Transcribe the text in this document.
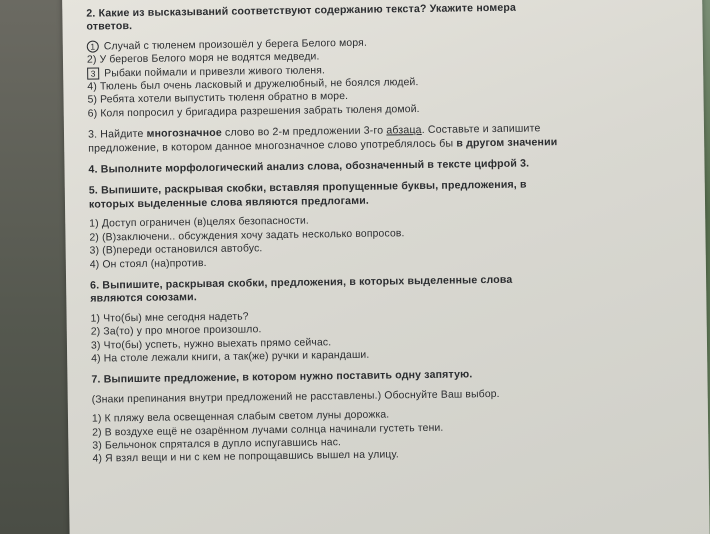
2. Какие из высказываний соответствуют содержанию текста? Укажите номера
ответов.
1 Случай с тюленем произошёл у берега Белого моря.
2) У берегов Белого моря не водятся медведи.
3 Рыбаки поймали и привезли живого тюленя.
4) Тюлень был очень ласковый и дружелюбный, не боялся людей.
5) Ребята хотели выпустить тюленя обратно в море.
6) Коля попросил у бригадира разрешения забрать тюленя домой.
3. Найдите многозначное слово во 2-м предложении 3-го абзаца. Составьте и запишите
предложение, в котором данное многозначное слово употреблялось бы в другом значении
4. Выполните морфологический анализ слова, обозначенный в тексте цифрой 3.
5. Выпишите, раскрывая скобки, вставляя пропущенные буквы, предложения, в
которых выделенные слова являются предлогами.
1) Доступ ограничен (в)целях безопасности.
2) (В)заключени.. обсуждения хочу задать несколько вопросов.
3) (В)переди остановился автобус.
4) Он стоял (на)против.
6. Выпишите, раскрывая скобки, предложения, в которых выделенные слова
являются союзами.
1) Что(бы) мне сегодня надеть?
2) За(то) у про многое произошло.
3) Что(бы) успеть, нужно выехать прямо сейчас.
4) На столе лежали книги, а так(же) ручки и карандаши.
7. Выпишите предложение, в котором нужно поставить одну запятую.
(Знаки препинания внутри предложений не расставлены.) Обоснуйте Ваш выбор.
1) К пляжу вела освещенная слабым светом луны дорожка.
2) В воздухе ещё не озарённом лучами солнца начинали густеть тени.
3) Бельчонок спрятался в дупло испугавшись нас.
4) Я взял вещи и ни с кем не попрощавшись вышел на улицу.
